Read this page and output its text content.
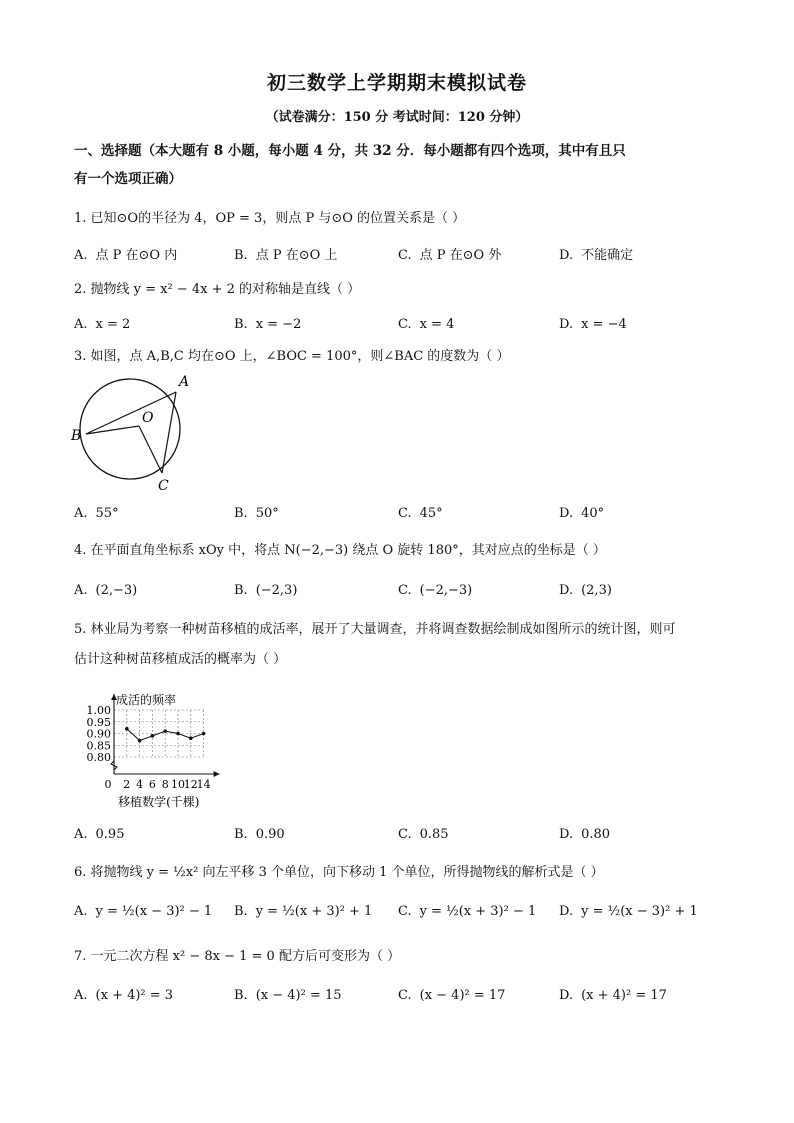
初三数学上学期期末模拟试卷
（试卷满分：150 分 考试时间：120 分钟）
一、选择题（本大题有 8 小题，每小题 4 分，共 32 分．每小题都有四个选项，其中有且只
有一个选项正确）
1. 已知⊙O的半径为 4，OP = 3，则点 P 与⊙O 的位置关系是（ ）
A. 点 P 在⊙O 内	B. 点 P 在⊙O 上	C. 点 P 在⊙O 外	D. 不能确定
2. 抛物线 y = x² − 4x + 2 的对称轴是直线（ ）
A. x = 2	B. x = −2	C. x = 4	D. x = −4
3. 如图，点 A,B,C 均在⊙O 上，∠BOC = 100°，则∠BAC 的度数为（ ）
A
B
C
O
A. 55°	B. 50°	C. 45°	D. 40°
4. 在平面直角坐标系 xOy 中，将点 N(−2,−3) 绕点 O 旋转 180°，其对应点的坐标是（ ）
A. (2,−3)	B. (−2,3)	C. (−2,−3)	D. (2,3)
5. 林业局为考察一种树苗移植的成活率，展开了大量调查，并将调查数据绘制成如图所示的统计图，则可
估计这种树苗移植成活的概率为（ ）
成活的频率
1.00
0.95
0.90
0.85
0.80
0 2 4 6 8 10
12
14
移植数学(千棵)
A. 0.95	B. 0.90	C. 0.85	D. 0.80
6. 将抛物线 y = ½x² 向左平移 3 个单位，向下移动 1 个单位，所得抛物线的解析式是（ ）
A. y = ½(x − 3)² − 1 B. y = ½(x + 3)² + 1 C. y = ½(x + 3)² − 1 D. y = ½(x − 3)² + 1
7. 一元二次方程 x² − 8x − 1 = 0 配方后可变形为（ ）
A. (x + 4)² = 3	B. (x − 4)² = 15	C. (x − 4)² = 17	D. (x + 4)² = 17
